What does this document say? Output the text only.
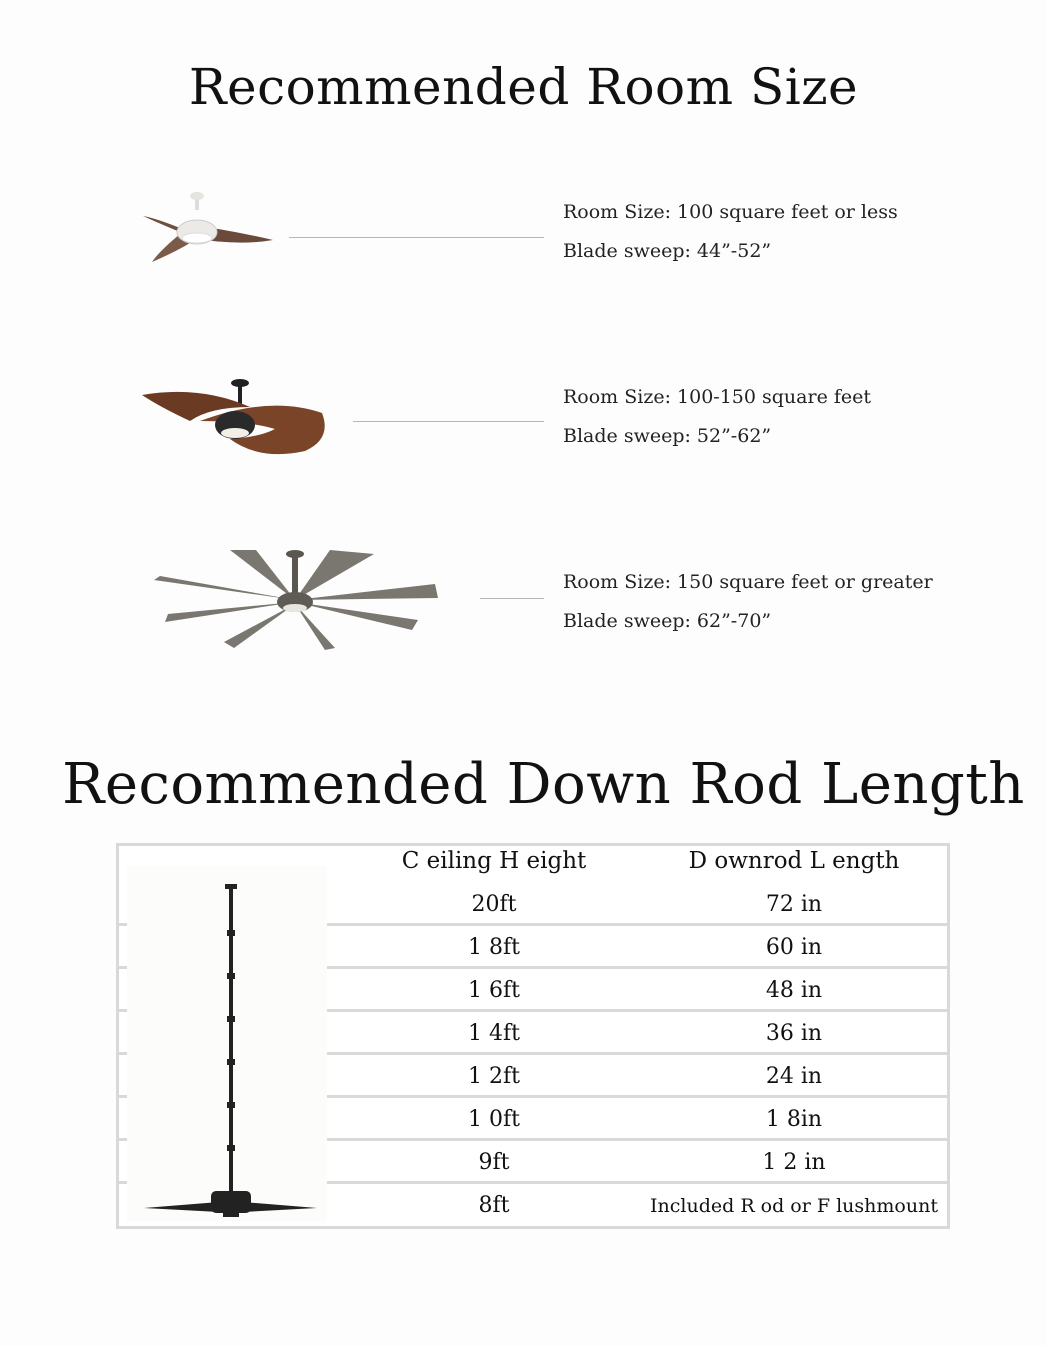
Recommended Room Size
Room Size: 100 square feet or less
Blade sweep: 44”-52”
Room Size: 100-150 square feet
Blade sweep: 52”-62”
Room Size: 150 square feet or greater
Blade sweep: 62”-70”
Recommended Down Rod Length
C eiling H eight	D ownrod L ength
20ft	72 in
1 8ft	60 in
1 6ft	48 in
1 4ft	36 in
1 2ft	24 in
1 0ft	1 8in
9ft	1 2 in
8ft	Included R od or F lushmount
